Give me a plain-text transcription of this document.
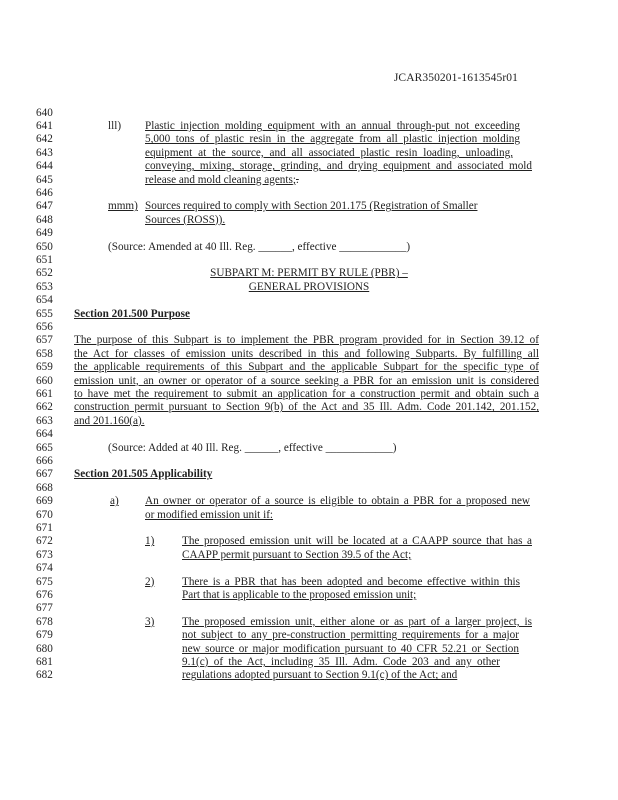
JCAR350201-1613545r01
640
641
642
643
644
645
646
647
648
649
650
651
652
653
654
655
656
657
658
659
660
661
662
663
664
665
666
667
668
669
670
671
672
673
674
675
676
677
678
679
680
681
682
lll) Plastic injection molding equipment with an annual through-put not exceeding
5,000 tons of plastic resin in the aggregate from all plastic injection molding
equipment at the source, and all associated plastic resin loading, unloading,
conveying, mixing, storage, grinding, and drying equipment and associated mold
release and mold cleaning agents;.
mmm) Sources required to comply with Section 201.175 (Registration of Smaller
Sources (ROSS)).
(Source: Amended at 40 Ill. Reg. ______, effective ____________)
SUBPART M: PERMIT BY RULE (PBR) –
GENERAL PROVISIONS
Section 201.500 Purpose
The purpose of this Subpart is to implement the PBR program provided for in Section 39.12 of
the Act for classes of emission units described in this and following Subparts. By fulfilling all
the applicable requirements of this Subpart and the applicable Subpart for the specific type of
emission unit, an owner or operator of a source seeking a PBR for an emission unit is considered
to have met the requirement to submit an application for a construction permit and obtain such a
construction permit pursuant to Section 9(b) of the Act and 35 Ill. Adm. Code 201.142, 201.152,
and 201.160(a).
(Source: Added at 40 Ill. Reg. ______, effective ____________)
Section 201.505 Applicability
a) An owner or operator of a source is eligible to obtain a PBR for a proposed new
or modified emission unit if:
1) The proposed emission unit will be located at a CAAPP source that has a
CAAPP permit pursuant to Section 39.5 of the Act;
2) There is a PBR that has been adopted and become effective within this
Part that is applicable to the proposed emission unit;
3) The proposed emission unit, either alone or as part of a larger project, is
not subject to any pre-construction permitting requirements for a major
new source or major modification pursuant to 40 CFR 52.21 or Section
9.1(c) of the Act, including 35 Ill. Adm. Code 203 and any other
regulations adopted pursuant to Section 9.1(c) of the Act; and
